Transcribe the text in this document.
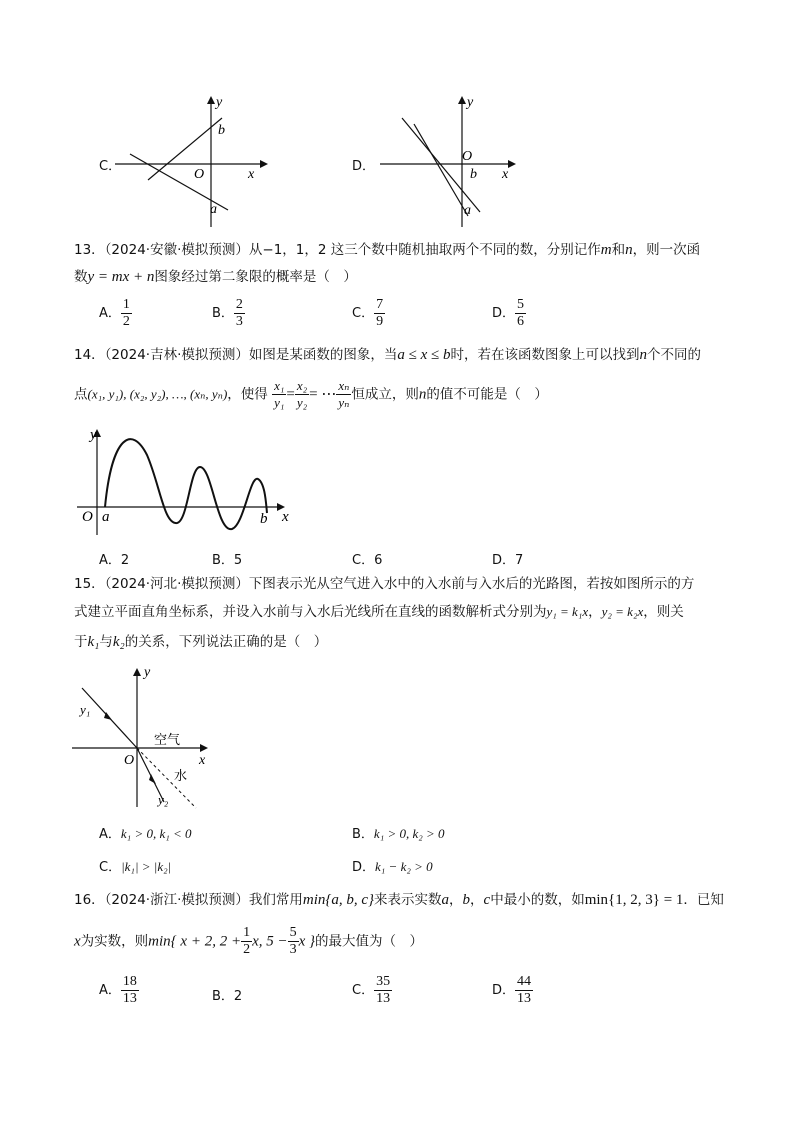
C．
y
x
O
b
a
D．
y
x
O
b
a
13．（2024·安徽·模拟预测）从−1，1，2 这三个数中随机抽取两个不同的数，分别记作m和n，则一次函
数y = mx + n图象经过第二象限的概率是（　）
A． $\frac{1}{2}$	B． $\frac{2}{3}$	C． $\frac{7}{9}$	D． $\frac{5}{6}$
14．（2024·吉林·模拟预测）如图是某函数的图象，当a ≤ x ≤ b时，若在该函数图象上可以找到n个不同的
点(x₁, y₁), (x₂, y₂), …, (xₙ, yₙ)，使得 $\frac{\text{x₁}}{\text{y₁}} = \frac{\text{x₂}}{\text{y₂}}$ = ⋯ $\frac{\text{xₙ}}{\text{yₙ}}$ 恒成立，则n的值不可能是（　）
y
x
O a	b
A．2	B．5	C．6	D．7
15．（2024·河北·模拟预测）下图表示光从空气进入水中的入水前与入水后的光路图，若按如图所示的方
式建立平面直角坐标系，并设入水前与入水后光线所在直线的函数解析式分别为y₁ = k₁x，y₂ = k₂x，则关
于k₁与k₂的关系，下列说法正确的是（　）
y
x
O
空气
水
y₁
y₂
A．k₁ > 0, k₁ < 0	B．k₁ > 0, k₂ > 0
C．|k₁| > |k₂|	D．k₁ − k₂ > 0
16．（2024·浙江·模拟预测）我们常用min{a, b, c}来表示实数a，b，c中最小的数，如min{1, 2, 3} = 1．已知
x为实数，则min{ x + 2, $2 + \frac{1}{2} x$, $5 - \frac{5}{3}$ x }的最大值为（　）
A． $\frac{18}{13}$	B．2	C． $\frac{35}{13}$	D． $\frac{44}{13}$
